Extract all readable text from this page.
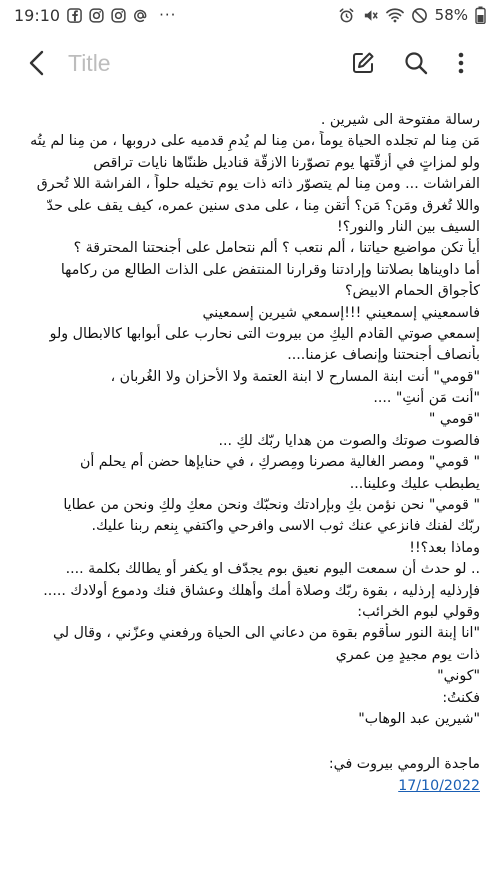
19:10	···	58%
Title
رسالة مفتوحة الى شيرين .
مَن مِنا لم تجلده الحياة يوماً ،من مِنا لم يُدمِ قدميه على دروبها ، من مِنا لم يتُه
ولو لمزاتٍ في أزقّتها يوم تصوّرنا الازقّة قناديل ظننّاها نايات تراقص
الفراشات ... ومن مِنا لم يتصوّر ذاته ذات يوم تخيله حلواً ، الفراشة اللا تُحرق
واللا تُغرق ومَن؟ مَن؟ أتقن مِنا ، على مدى سنين عمره، كيف يقف على حدّ
السيف بين النار والنور؟!
أيأ تكن مواضيع حياتنا ، ألم نتعب ؟ ألم نتحامل على أجنحتنا المحترقة ؟
أما داويناها بصلاتنا وإرادتنا وقرارنا المنتفض على الذات الطالع من ركامها
كأجواق الحمام الابيض؟
فاسمعيني إسمعيني !!!إسمعي شيرين إسمعيني
إسمعي صوتي القادم اليكِ من بيروت التى نحارب على أبوابها كالابطال ولو
بأنصاف أجنحتنا وإنصاف عزمنا....
"قومي" أنت ابنة المسارح لا ابنة العتمة ولا الأحزان ولا الغُربان ،
"أنت مَن أنتِ" ....
"قومي "
فالصوت صوتك والصوت من هدايا ربّك لكِ ...
" قومي" ومصر الغالية مصرنا ومِصركِ ، في حنايإها حضن أم يحلم أن
يطبطب عليك وعلينا...
" قومي" نحن نؤمن بكِ وبإرادتك ونحبّك ونحن معكِ ولكِ ونحن من عطايا
ربّك لفنك فانزعي عنك ثوب الاسى وافرحي واكتفي بِنعم ربنا عليك.
وماذا بعد؟!!
.. لو حدث أن سمعت اليوم نعيق بوم يجدّف او يكفر أو يطالك بكلمة ....
فإرذليه إرذليه ، بقوة ربّك وصلاة أمك وأهلك وعشاق فنك ودموع أولادك .....
وقولي لبوم الخرائب:
"انا إبنة النور سأقوم بقوة من دعاني الى الحياة ورفعني وعزّني ، وقال لي
ذات يوم مجيدٍ مِن عمري
"كوني"
فكنتُ:
"شيرين عبد الوهاب"
ماجدة الرومي بيروت في:
17/10/2022
